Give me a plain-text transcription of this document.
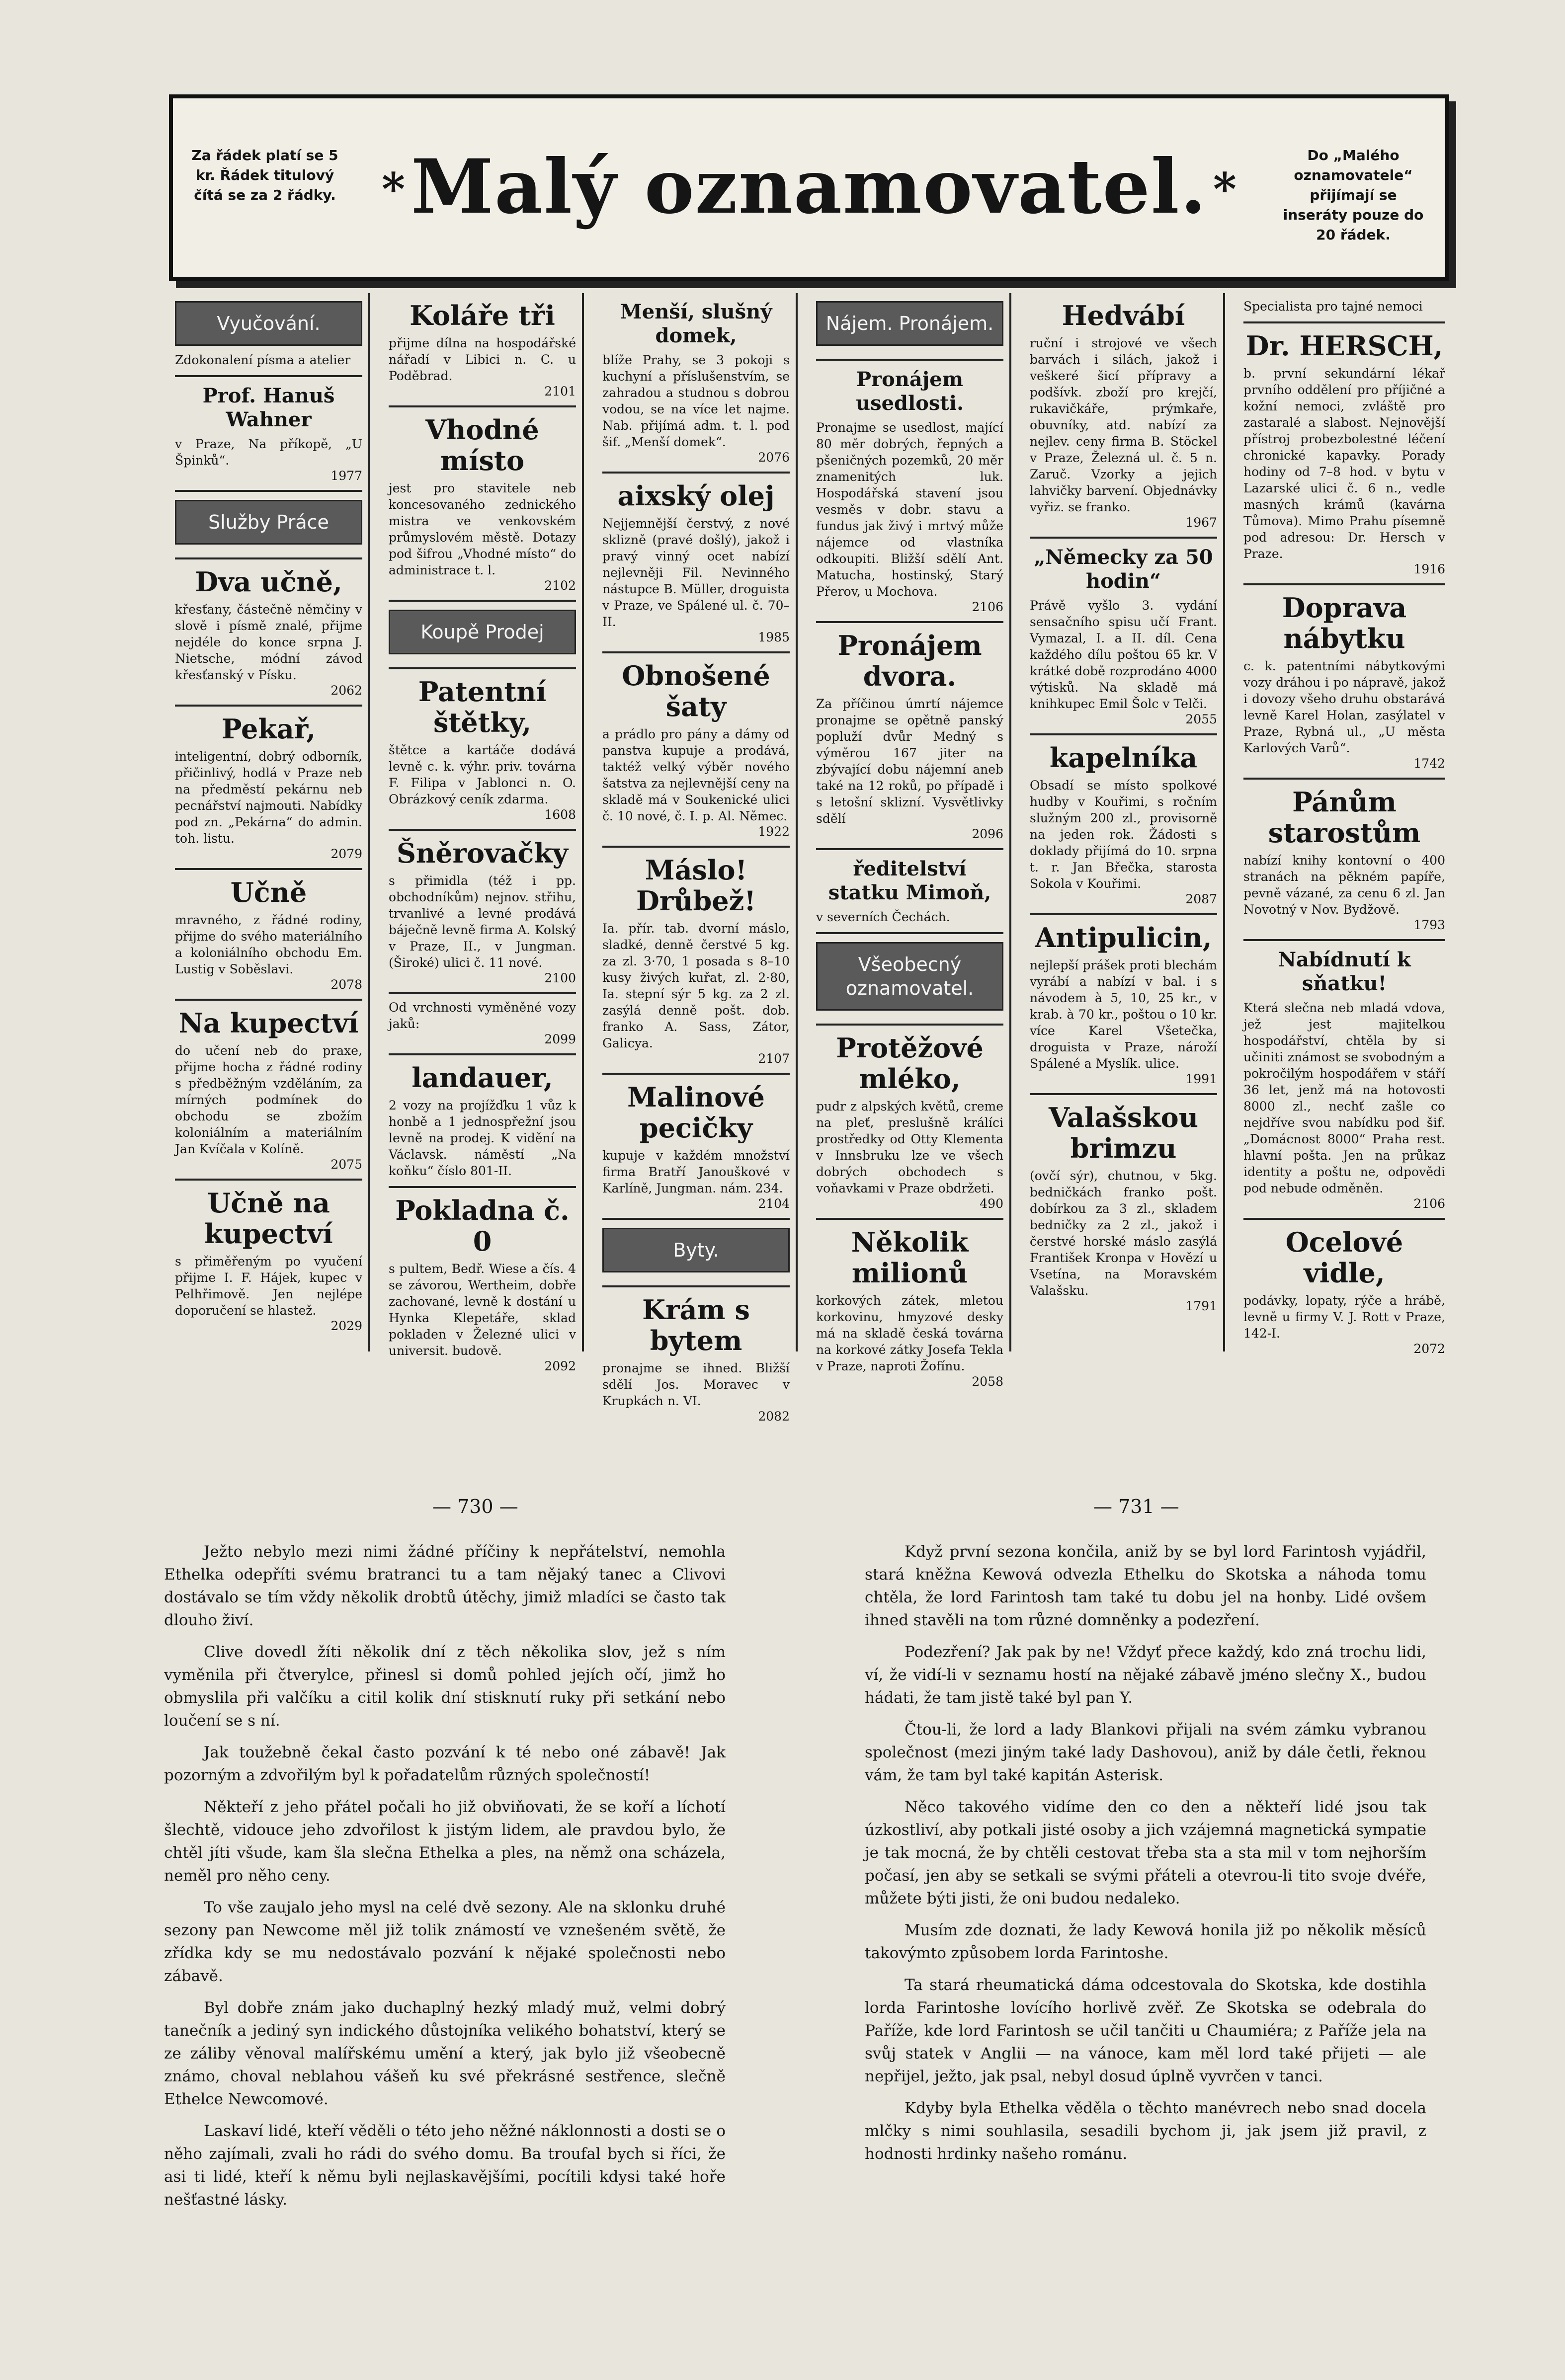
Za řádek platí se 5 kr. Řádek titulový čítá se za 2 řádky. * Malý oznamovatel. *
Do „Malého oznamovatele“ přijímají se inseráty pouze do 20 řádek.
Vyučování.
Zdokonalení písma a atelier
Prof. Hanuš Wahner
v Praze, Na příkopě, „U Špinků“.
1977
Služby Práce
Dva učně,
křesťany, částečně němčiny v slově i písmě znalé, přijme nejdéle do konce srpna J. Nietsche, módní závod křesťanský v Písku.
2062
Pekař,
inteligentní, dobrý odborník, přičinlivý, hodlá v Praze neb na předměstí pekárnu neb pecnářství najmouti. Nabídky pod zn. „Pekárna“ do admin. toh. listu.
2079
Učně
mravného, z řádné rodiny, přijme do svého materiálního a koloniálního obchodu Em. Lustig v Soběslavi.
2078
Na kupectví
do učení neb do praxe, přijme hocha z řádné rodiny s předběžným vzděláním, za mírných podmínek do obchodu se zbožím koloniálním a materiálním Jan Kvíčala v Kolíně.
2075
Učně na kupectví
s přiměřeným po vyučení přijme I. F. Hájek, kupec v Pelhřimově. Jen nejlépe doporučení se hlastež.
2029
Koláře tři
přijme dílna na hospodářské nářadí v Libici n. C. u Poděbrad.
2101
Vhodné místo
jest pro stavitele neb koncesovaného zednického mistra ve venkovském průmyslovém městě. Dotazy pod šifrou „Vhodné místo“ do administrace t. l.
2102
Koupě Prodej
Patentní štětky,
štětce a kartáče dodává levně c. k. výhr. priv. továrna F. Filipa v Jablonci n. O. Obrázkový ceník zdarma.
1608
Šněrovačky
s přimidla (též i pp. obchodníkům) nejnov. střihu, trvanlivé a levné prodává báječně levně firma A. Kolský v Praze, II., v Jungman. (Široké) ulici č. 11 nové.
2100
Od vrchnosti vyměněné vozy jaků:
2099
landauer,
2 vozy na projížďku 1 vůz k honbě a 1 jednospřežní jsou levně na prodej. K vidění na Václavsk. náměstí „Na koňku“ číslo 801-II.
Pokladna č. 0
s pultem, Bedř. Wiese a čís. 4 se závorou, Wertheim, dobře zachované, levně k dostání u Hynka Klepetáře, sklad pokladen v Železné ulici v universit. budově.
2092
Menší, slušný domek,
blíže Prahy, se 3 pokoji s kuchyní a příslušenstvím, se zahradou a studnou s dobrou vodou, se na více let najme. Nab. přijímá adm. t. l. pod šif. „Menší domek“.
2076
aixský olej
Nejjemnější čerstvý, z nové sklizně (pravé došlý), jakož i pravý vinný ocet nabízí nejlevněji Fil. Nevinného nástupce B. Müller, droguista v Praze, ve Spálené ul. č. 70–II.
1985
Obnošené šaty
a prádlo pro pány a dámy od panstva kupuje a prodává, taktéž velký výběr nového šatstva za nejlevnější ceny na skladě má v Soukenické ulici č. 10 nové, č. I. p. Al. Němec.
1922
Máslo! Drůbež!
Ia. přír. tab. dvorní máslo, sladké, denně čerstvé 5 kg. za zl. 3·70, 1 posada s 8–10 kusy živých kuřat, zl. 2·80, Ia. stepní sýr 5 kg. za 2 zl. zasýlá denně pošt. dob. franko A. Sass, Zátor, Galicya.
2107
Malinové pecičky
kupuje v každém množství firma Bratří Janouškové v Karlíně, Jungman. nám. 234.
2104
Byty.
Krám s bytem
pronajme se ihned. Bližší sdělí Jos. Moravec v Krupkách n. VI.
2082
Nájem. Pronájem.
Pronájem usedlosti.
Pronajme se usedlost, mající 80 měr dobrých, řepných a pšeničných pozemků, 20 měr znamenitých luk. Hospodářská stavení jsou vesměs v dobr. stavu a fundus jak živý i mrtvý může nájemce od vlastníka odkoupiti. Bližší sdělí Ant. Matucha, hostinský, Starý Přerov, u Mochova.
2106
Pronájem dvora.
Za příčinou úmrtí nájemce pronajme se opětně panský popluží dvůr Medný s výměrou 167 jiter na zbývající dobu nájemní aneb také na 12 roků, po případě i s letošní sklizní. Vysvětlivky sdělí
2096
ředitelství statku Mimoň,
v severních Čechách.
Všeobecný oznamovatel.
Protěžové mléko,
pudr z alpských květů, creme na pleť, preslušně králíci prostředky od Otty Klementa v Innsbruku lze ve všech dobrých obchodech s voňavkami v Praze obdržeti.
490
Několik milionů
korkových zátek, mletou korkovinu, hmyzové desky má na skladě česká továrna na korkové zátky Josefa Tekla v Praze, naproti Žofínu.
2058
Hedvábí
ruční i strojové ve všech barvách i silách, jakož i veškeré šicí přípravy a podšívk. zboží pro krejčí, rukavičkáře, prýmkaře, obuvníky, atd. nabízí za nejlev. ceny firma B. Stöckel v Praze, Železná ul. č. 5 n. Zaruč. Vzorky a jejich lahvičky barvení. Objednávky vyřiz. se franko.
1967
„Německy za 50 hodin“
Právě vyšlo 3. vydání sensačního spisu učí Frant. Vymazal, I. a II. díl. Cena každého dílu poštou 65 kr. V krátké době rozprodáno 4000 výtisků. Na skladě má knihkupec Emil Šolc v Telči.
2055
kapelníka
Obsadí se místo spolkové hudby v Kouřimi, s ročním služným 200 zl., provisorně na jeden rok. Žádosti s doklady přijímá do 10. srpna t. r. Jan Břečka, starosta Sokola v Kouřimi.
2087
Antipulicin,
nejlepší prášek proti blechám vyrábí a nabízí v bal. i s návodem à 5, 10, 25 kr., v krab. à 70 kr., poštou o 10 kr. více Karel Všetečka, droguista v Praze, nároží Spálené a Myslík. ulice.
1991
Valašskou brimzu
(ovčí sýr), chutnou, v 5kg. bedničkách franko pošt. dobírkou za 3 zl., skladem bedničky za 2 zl., jakož i čerstvé horské máslo zasýlá František Kronpa v Hovězí u Vsetína, na Moravském Valašsku.
1791
Specialista pro tajné nemoci
Dr. HERSCH,
b. první sekundární lékař prvního oddělení pro příjičné a kožní nemoci, zvláště pro zastaralé a slabost. Nejnovější přístroj probezbolestné léčení chronické kapavky. Porady hodiny od 7–8 hod. v bytu v Lazarské ulici č. 6 n., vedle masných krámů (kavárna Tůmova). Mimo Prahu písemně pod adresou: Dr. Hersch v Praze.
1916
Doprava nábytku
c. k. patentními nábytkovými vozy dráhou i po nápravě, jakož i dovozy všeho druhu obstarává levně Karel Holan, zasýlatel v Praze, Rybná ul., „U města Karlových Varů“.
1742
Pánům starostům
nabízí knihy kontovní o 400 stranách na pěkném papíře, pevně vázané, za cenu 6 zl. Jan Novotný v Nov. Bydžově.
1793
Nabídnutí k sňatku!
Která slečna neb mladá vdova, jež jest majitelkou hospodářství, chtěla by si učiniti známost se svobodným a pokročilým hospodářem v stáří 36 let, jenž má na hotovosti 8000 zl., nechť zašle co nejdříve svou nabídku pod šif. „Domácnost 8000“ Praha rest. hlavní pošta. Jen na průkaz identity a poštu ne, odpovědi pod nebude odměněn.
2106
Ocelové vidle,
podávky, lopaty, rýče a hrábě, levně u firmy V. J. Rott v Praze, 142-I.
2072
— 730 —	— 731 —

Ježto nebylo mezi nimi žádné příčiny k nepřátelství, nemohla Ethelka odepříti svému bratranci tu a tam nějaký tanec a Clivovi dostávalo se tím vždy několik drobtů útěchy, jimiž mladíci se často tak dlouho živí.

Clive dovedl žíti několik dní z těch několika slov, jež s ním vyměnila při čtverylce, přinesl si domů pohled jejích očí, jimž ho obmyslila při valčíku a citil kolik dní stisknutí ruky při setkání nebo loučení se s ní.

Jak toužebně čekal často pozvání k té nebo oné zábavě! Jak pozorným a zdvořilým byl k pořadatelům různých společností!

Někteří z jeho přátel počali ho již obviňovati, že se koří a líchotí šlechtě, vidouce jeho zdvořilost k jistým lidem, ale pravdou bylo, že chtěl jíti všude, kam šla slečna Ethelka a ples, na němž ona scházela, neměl pro něho ceny.

To vše zaujalo jeho mysl na celé dvě sezony. Ale na sklonku druhé sezony pan Newcome měl již tolik známostí ve vznešeném světě, že zřídka kdy se mu nedostávalo pozvání k nějaké společnosti nebo zábavě.

Byl dobře znám jako duchaplný hezký mladý muž, velmi dobrý tanečník a jediný syn indického důstojníka velikého bohatství, který se ze záliby věnoval malířskému umění a který, jak bylo již všeobecně známo, choval neblahou vášeň ku své překrásné sestřence, slečně Ethelce Newcomové.

Laskaví lidé, kteří věděli o této jeho něžné náklonnosti a dosti se o něho zajímali, zvali ho rádi do svého domu. Ba troufal bych si říci, že asi ti lidé, kteří k němu byli nejlaskavějšími, pocítili kdysi také hoře nešťastné lásky.

Když první sezona končila, aniž by se byl lord Farintosh vyjádřil, stará kněžna Kewová odvezla Ethelku do Skotska a náhoda tomu chtěla, že lord Farintosh tam také tu dobu jel na honby. Lidé ovšem ihned stavěli na tom různé domněnky a podezření.

Podezření? Jak pak by ne! Vždyť přece každý, kdo zná trochu lidi, ví, že vidí-li v seznamu hostí na nějaké zábavě jméno slečny X., budou hádati, že tam jistě také byl pan Y.

Čtou-li, že lord a lady Blankovi přijali na svém zámku vybranou společnost (mezi jiným také lady Dashovou), aniž by dále četli, řeknou vám, že tam byl také kapitán Asterisk.

Něco takového vidíme den co den a někteří lidé jsou tak úzkostliví, aby potkali jisté osoby a jich vzájemná magnetická sympatie je tak mocná, že by chtěli cestovat třeba sta a sta mil v tom nejhorším počasí, jen aby se setkali se svými přáteli a otevrou-li tito svoje dvéře, můžete býti jisti, že oni budou nedaleko.

Musím zde doznati, že lady Kewová honila již po několik měsíců takovýmto způsobem lorda Farintoshe.

Ta stará rheumatická dáma odcestovala do Skotska, kde dostihla lorda Farintoshe lovícího horlivě zvěř. Ze Skotska se odebrala do Paříže, kde lord Farintosh se učil tančiti u Chaumiéra; z Paříže jela na svůj statek v Anglii — na vánoce, kam měl lord také přijeti — ale nepřijel, ježto, jak psal, nebyl dosud úplně vyvrčen v tanci.

Kdyby byla Ethelka věděla o těchto manévrech nebo snad docela mlčky s nimi souhlasila, sesadili bychom ji, jak jsem již pravil, z hodnosti hrdinky našeho románu.
